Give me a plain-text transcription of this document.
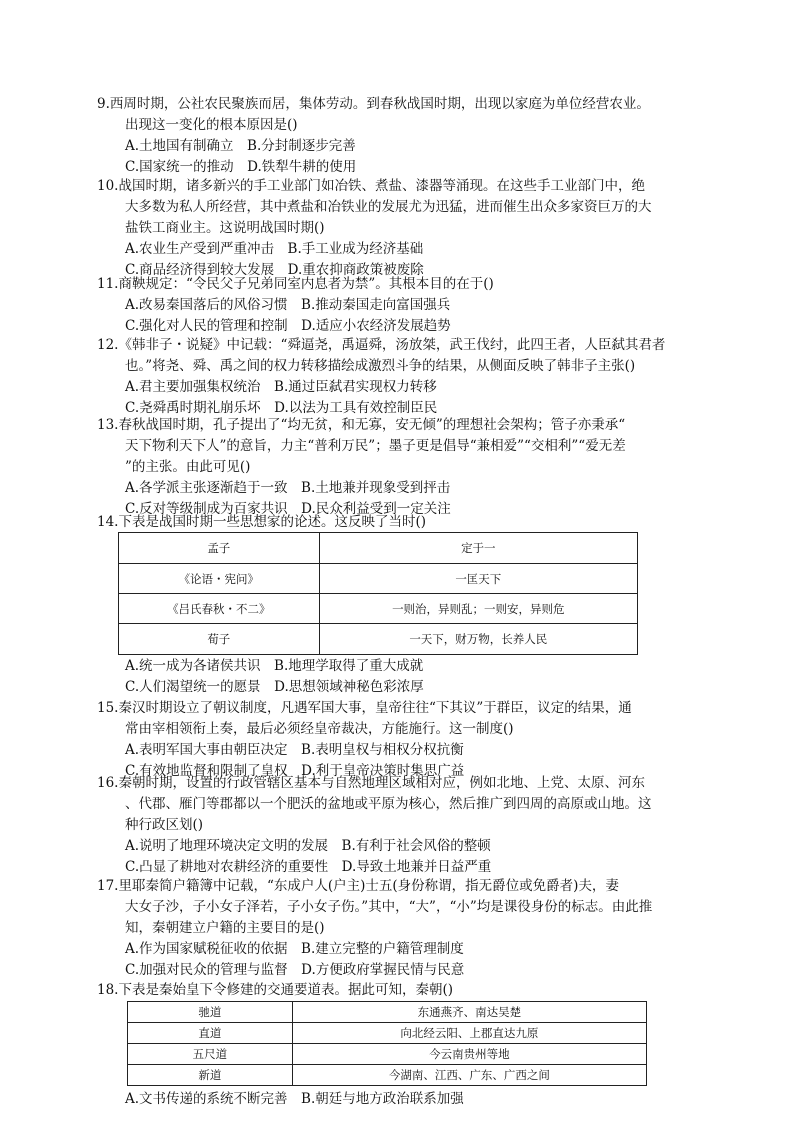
9.西周时期，公社农民聚族而居，集体劳动。到春秋战国时期，出现以家庭为单位经营农业。
出现这一变化的根本原因是()
A.土地国有制确立　B.分封制逐步完善
C.国家统一的推动　D.铁犁牛耕的使用
10.战国时期，诸多新兴的手工业部门如冶铁、煮盐、漆器等涌现。在这些手工业部门中，绝
大多数为私人所经营，其中煮盐和冶铁业的发展尤为迅猛，进而催生出众多家资巨万的大
盐铁工商业主。这说明战国时期()
A.农业生产受到严重冲击　B.手工业成为经济基础
C.商品经济得到较大发展　D.重农抑商政策被废除
11.商鞅规定：“令民父子兄弟同室内息者为禁”。其根本目的在于()
A.改易秦国落后的风俗习惯　B.推动秦国走向富国强兵
C.强化对人民的管理和控制　D.适应小农经济发展趋势
12.《韩非子・说疑》中记载：“舜逼尧，禹逼舜，汤放桀，武王伐纣，此四王者，人臣弑其君者
也。”将尧、舜、禹之间的权力转移描绘成激烈斗争的结果，从侧面反映了韩非子主张()
A.君主要加强集权统治　B.通过臣弑君实现权力转移
C.尧舜禹时期礼崩乐坏　D.以法为工具有效控制臣民
13.春秋战国时期，孔子提出了“均无贫，和无寡，安无倾”的理想社会架构；管子亦秉承“
天下物利天下人”的意旨，力主“普利万民”；墨子更是倡导“兼相爱”“交相利”“爱无差
”的主张。由此可见()
A.各学派主张逐渐趋于一致　B.土地兼并现象受到抨击
C.反对等级制成为百家共识　D.民众利益受到一定关注
14.下表是战国时期一些思想家的论述。这反映了当时()
孟子	定于一
《论语・宪问》	一匡天下
《吕氏春秋・不二》	一则治，异则乱；一则安，异则危
荀子	一天下，财万物，长养人民
A.统一成为各诸侯共识　B.地理学取得了重大成就
C.人们渴望统一的愿景　D.思想领域神秘色彩浓厚
15.秦汉时期设立了朝议制度，凡遇军国大事，皇帝往往“下其议”于群臣，议定的结果，通
常由宰相领衔上奏，最后必须经皇帝裁决，方能施行。这一制度()
A.表明军国大事由朝臣决定　B.表明皇权与相权分权抗衡
C.有效地监督和限制了皇权　D.利于皇帝决策时集思广益
16.秦朝时期，设置的行政管辖区基本与自然地理区域相对应，例如北地、上党、太原、河东
、代郡、雁门等郡都以一个肥沃的盆地或平原为核心，然后推广到四周的高原或山地。这
种行政区划()
A.说明了地理环境决定文明的发展　B.有利于社会风俗的整顿
C.凸显了耕地对农耕经济的重要性　D.导致土地兼并日益严重
17.里耶秦简户籍簿中记载，“东成户人(户主)士五(身份称谓，指无爵位或免爵者)夫，妻
大女子沙，子小女子泽若，子小女子伤。”其中，“大”，“小”均是课役身份的标志。由此推
知，秦朝建立户籍的主要目的是()
A.作为国家赋税征收的依据　B.建立完整的户籍管理制度
C.加强对民众的管理与监督　D.方便政府掌握民情与民意
18.下表是秦始皇下令修建的交通要道表。据此可知，秦朝()
驰道	东通燕齐、南达吴楚
直道	向北经云阳、上郡直达九原
五尺道	今云南贵州等地
新道	今湖南、江西、广东、广西之间
A.文书传递的系统不断完善　B.朝廷与地方政治联系加强
